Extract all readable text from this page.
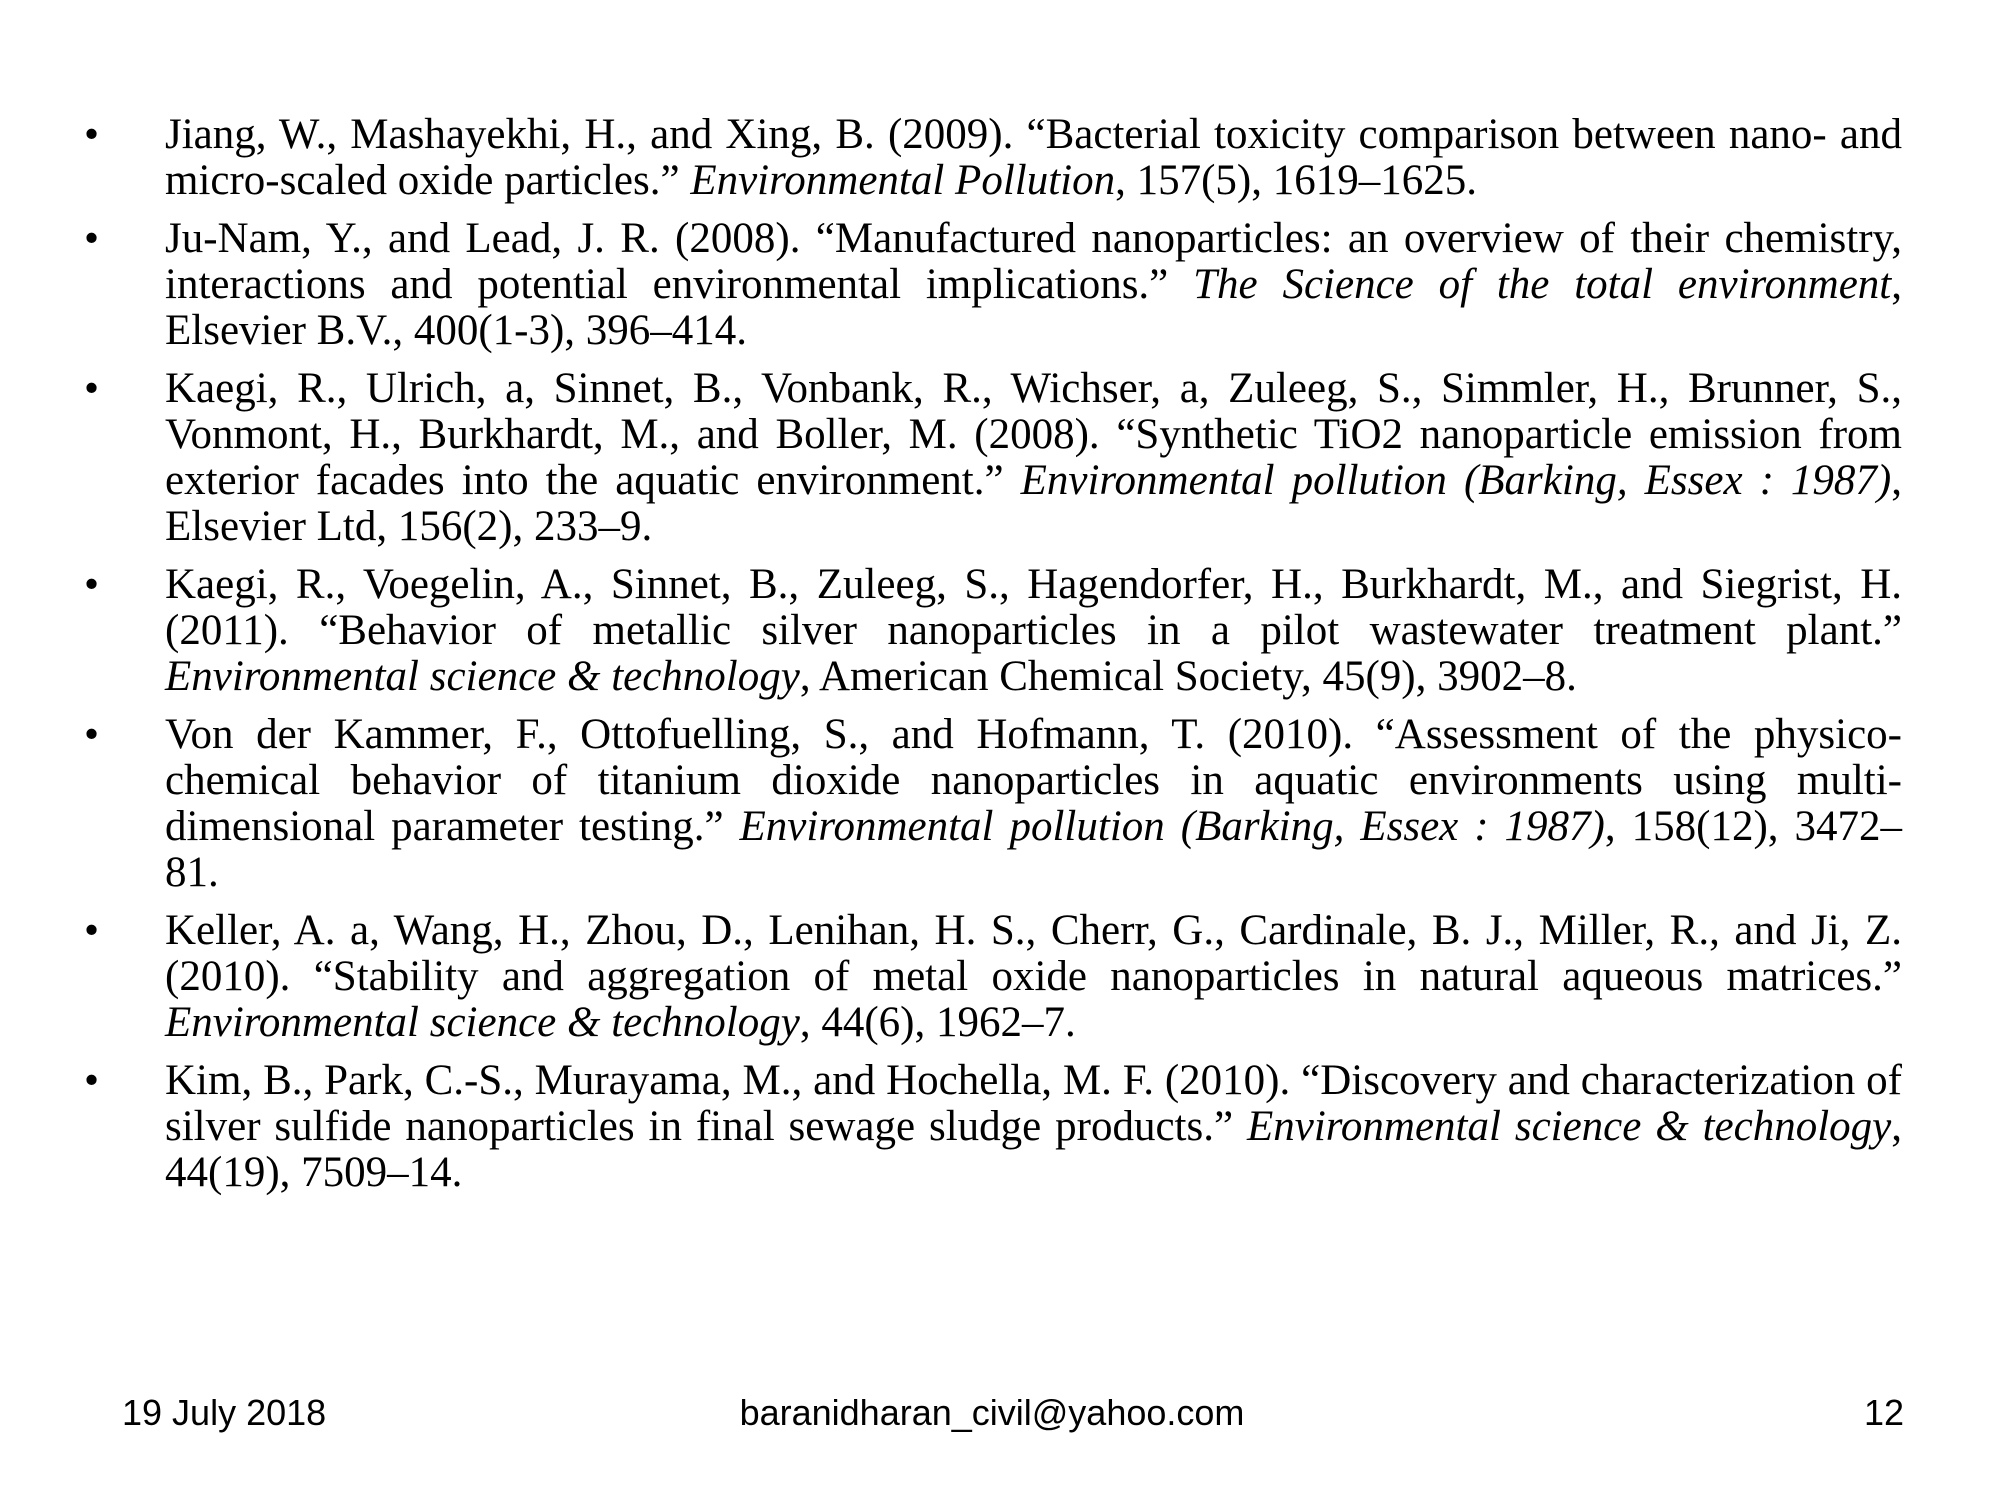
• Jiang, W., Mashayekhi, H., and Xing, B. (2009). “Bacterial toxicity comparison between nano- and micro-scaled oxide particles.” Environmental Pollution, 157(5), 1619–1625.
• Ju-Nam, Y., and Lead, J. R. (2008). “Manufactured nanoparticles: an overview of their chemistry, interactions and potential environmental implications.” The Science of the total environment, Elsevier B.V., 400(1-3), 396–414.
• Kaegi, R., Ulrich, a, Sinnet, B., Vonbank, R., Wichser, a, Zuleeg, S., Simmler, H., Brunner, S., Vonmont, H., Burkhardt, M., and Boller, M. (2008). “Synthetic TiO2 nanoparticle emission from exterior facades into the aquatic environment.” Environmental pollution (Barking, Essex : 1987), Elsevier Ltd, 156(2), 233–9.
• Kaegi, R., Voegelin, A., Sinnet, B., Zuleeg, S., Hagendorfer, H., Burkhardt, M., and Siegrist, H. (2011). “Behavior of metallic silver nanoparticles in a pilot wastewater treatment plant.” Environmental science & technology, American Chemical Society, 45(9), 3902–8.
• Von der Kammer, F., Ottofuelling, S., and Hofmann, T. (2010). “Assessment of the physico-chemical behavior of titanium dioxide nanoparticles in aquatic environments using multi-dimensional parameter testing.” Environmental pollution (Barking, Essex : 1987), 158(12), 3472–81.
• Keller, A. a, Wang, H., Zhou, D., Lenihan, H. S., Cherr, G., Cardinale, B. J., Miller, R., and Ji, Z. (2010). “Stability and aggregation of metal oxide nanoparticles in natural aqueous matrices.” Environmental science & technology, 44(6), 1962–7.
• Kim, B., Park, C.-S., Murayama, M., and Hochella, M. F. (2010). “Discovery and characterization of silver sulfide nanoparticles in final sewage sludge products.” Environmental science & technology, 44(19), 7509–14.
19 July 2018	baranidharan_civil@yahoo.com	12
